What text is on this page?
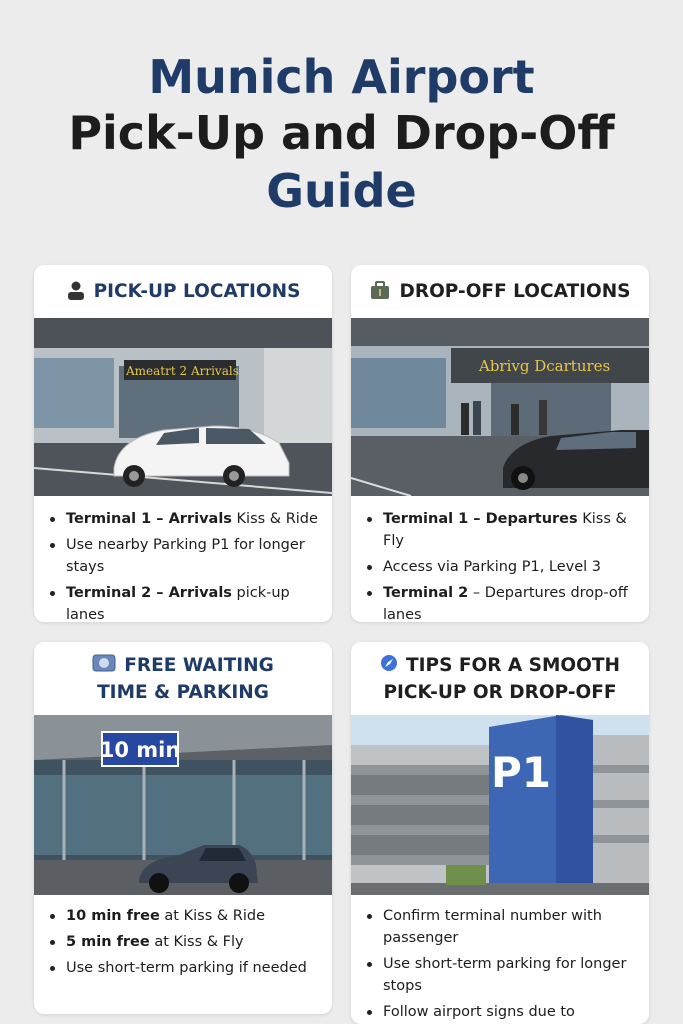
Munich Airport
Pick-Up and Drop-Off
Guide
PICK-UP LOCATIONS
Ameatrt 2 Arrivals
Terminal 1 – Arrivals Kiss & Ride
Use nearby Parking P1 for longer stays
Terminal 2 – Arrivals pick-up lanes
DROP-OFF LOCATIONS
Abrivg Dcartures
Terminal 1 – Departures Kiss & Fly
Access via Parking P1, Level 3
Terminal 2 – Departures drop-off lanes
FREE WAITING
TIME & PARKING
10 min
10 min free at Kiss & Ride
5 min free at Kiss & Fly
Use short-term parking if needed
TIPS FOR A SMOOTH
PICK-UP OR DROP-OFF
P1
Confirm terminal number with passenger
Use short-term parking for longer stops
Follow airport signs due to
